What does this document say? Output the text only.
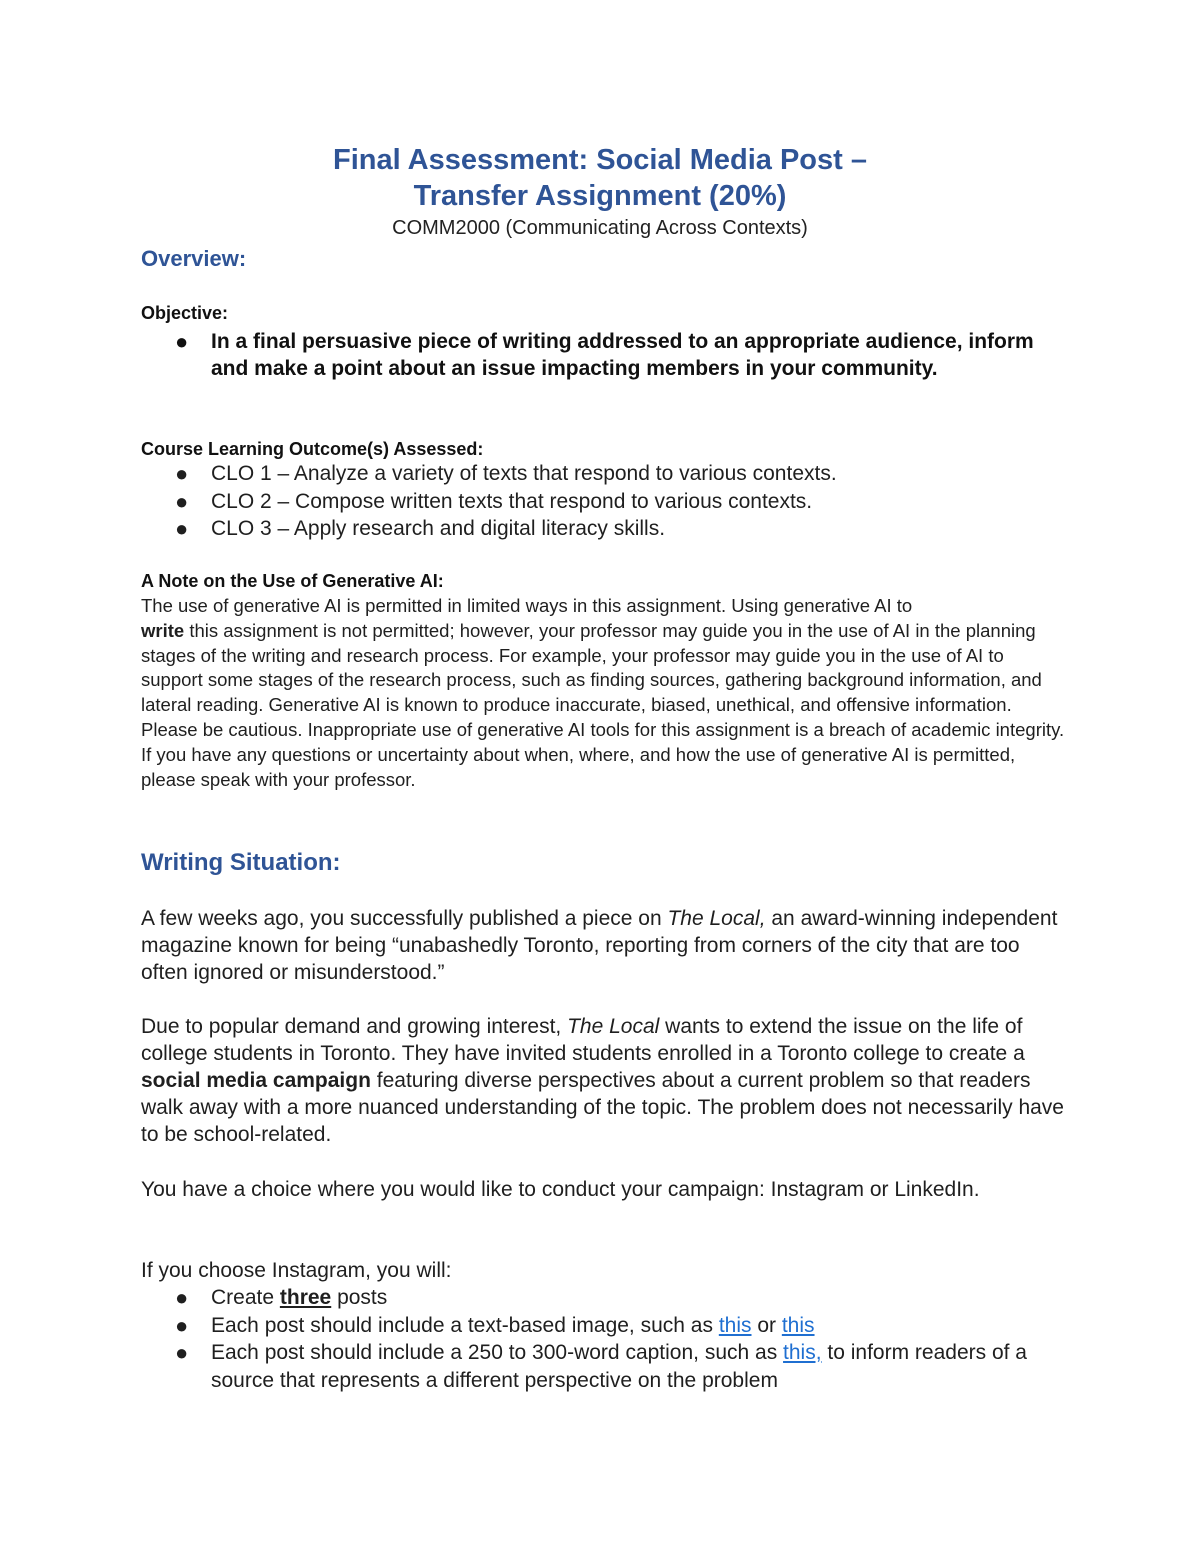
Final Assessment: Social Media Post –
Transfer Assignment (20%)
COMM2000 (Communicating Across Contexts)
Overview:
Objective:
● In a final persuasive piece of writing addressed to an appropriate audience, inform and make a point about an issue impacting members in your community.
Course Learning Outcome(s) Assessed:
● CLO 1 – Analyze a variety of texts that respond to various contexts.
● CLO 2 – Compose written texts that respond to various contexts.
● CLO 3 – Apply research and digital literacy skills.
A Note on the Use of Generative AI:

The use of generative AI is permitted in limited ways in this assignment. Using generative AI to
write this assignment is not permitted; however, your professor may guide you in the use of AI in the planning stages of the writing and research process. For example, your professor may guide you in the use of AI to support some stages of the research process, such as finding sources, gathering background information, and lateral reading. Generative AI is known to produce inaccurate, biased, unethical, and offensive information. Please be cautious. Inappropriate use of generative AI tools for this assignment is a breach of academic integrity. If you have any questions or uncertainty about when, where, and how the use of generative AI is permitted, please speak with your professor.

Writing Situation:

A few weeks ago, you successfully published a piece on The Local, an award-winning independent magazine known for being “unabashedly Toronto, reporting from corners of the city that are too often ignored or misunderstood.”

Due to popular demand and growing interest, The Local wants to extend the issue on the life of college students in Toronto. They have invited students enrolled in a Toronto college to create a social media campaign featuring diverse perspectives about a current problem so that readers walk away with a more nuanced understanding of the topic. The problem does not necessarily have to be school-related.

You have a choice where you would like to conduct your campaign: Instagram or LinkedIn.

If you choose Instagram, you will:

● Create three posts
● Each post should include a text-based image, such as this or this
● Each post should include a 250 to 300-word caption, such as this, to inform readers of a source that represents a different perspective on the problem
